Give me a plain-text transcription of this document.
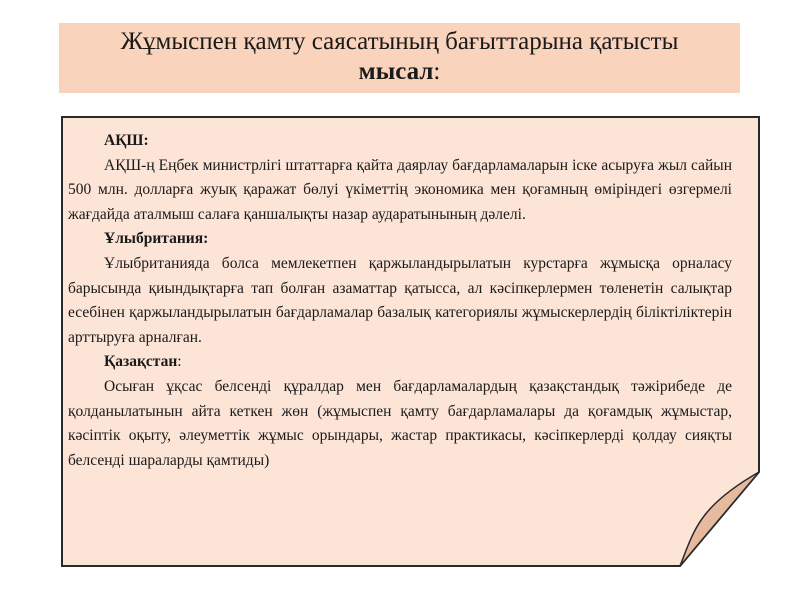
Жұмыспен қамту саясатының бағыттарына қатысты
мысал:

АҚШ:

АҚШ-ң Еңбек министрлігі штаттарға қайта даярлау бағдарламаларын іске асыруға жыл сайын 500 млн. долларға жуық қаражат бөлуі үкіметтің экономика мен қоғамның өміріндегі өзгермелі жағдайда аталмыш салаға қаншалықты назар аударатынының дәлелі.

Ұлыбритания:

Ұлыбританияда болса мемлекетпен қаржыландырылатын курстарға жұмысқа орналасу барысында қиындықтарға тап болған азаматтар қатысса, ал кәсіпкерлермен төленетін салықтар есебінен қаржыландырылатын бағдарламалар базалық категориялы жұмыскерлердің біліктіліктерін арттыруға арналған.

Қазақстан:

Осыған ұқсас белсенді құралдар мен бағдарламалардың қазақстандық тәжірибеде де қолданылатынын айта кеткен жөн (жұмыспен қамту бағдарламалары да қоғамдық жұмыстар, кәсіптік оқыту, әлеуметтік жұмыс орындары, жастар практикасы, кәсіпкерлерді қолдау сияқты белсенді шараларды қамтиды)
